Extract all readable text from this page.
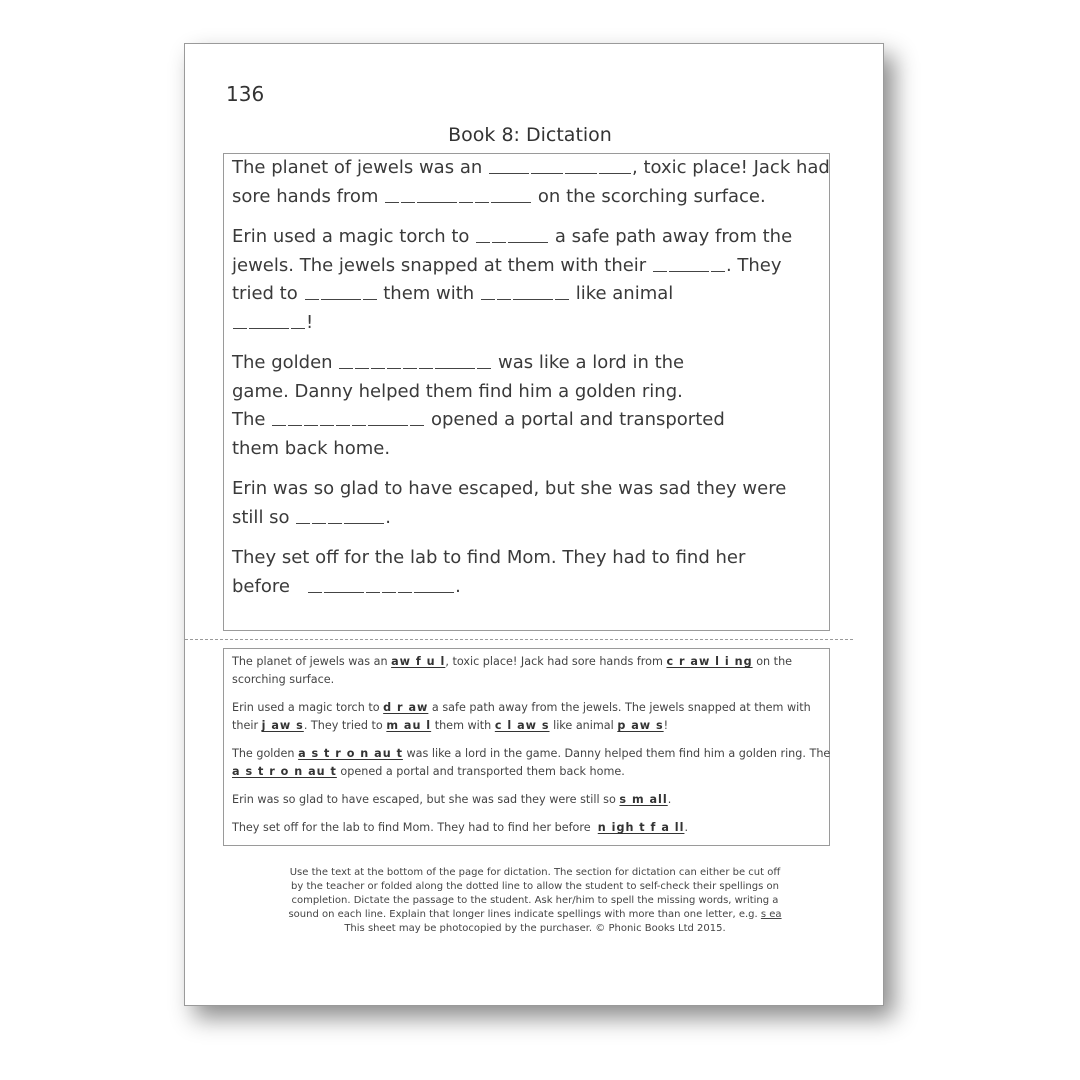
136
Book 8: Dictation

The planet of jewels was an	, toxic place! Jack had
sore hands from	on the scorching surface.

Erin used a magic torch to	a safe path away from the
jewels. The jewels snapped at them with their	. They
tried to	them with	like animal
!

The golden	was like a lord in the
game. Danny helped them find him a golden ring.
The	opened a portal and transported
them back home.

Erin was so glad to have escaped, but she was sad they were
still so	.

They set off for the lab to find Mom. They had to find her
before	.

The planet of jewels was an aw f u l, toxic place! Jack had sore hands from c r aw l i ng on the
scorching surface.

Erin used a magic torch to d r aw a safe path away from the jewels. The jewels snapped at them with
their j aw s. They tried to m au l them with c l aw s like animal p aw s!

The golden a s t r o n au t was like a lord in the game. Danny helped them find him a golden ring. The
a s t r o n au t opened a portal and transported them back home.

Erin was so glad to have escaped, but she was sad they were still so s m all.

They set off for the lab to find Mom. They had to find her before n igh t f a ll.

Use the text at the bottom of the page for dictation. The section for dictation can either be cut off
by the teacher or folded along the dotted line to allow the student to self-check their spellings on
completion. Dictate the passage to the student. Ask her/him to spell the missing words, writing a
sound on each line. Explain that longer lines indicate spellings with more than one letter, e.g. s ea
This sheet may be photocopied by the purchaser. © Phonic Books Ltd 2015.
